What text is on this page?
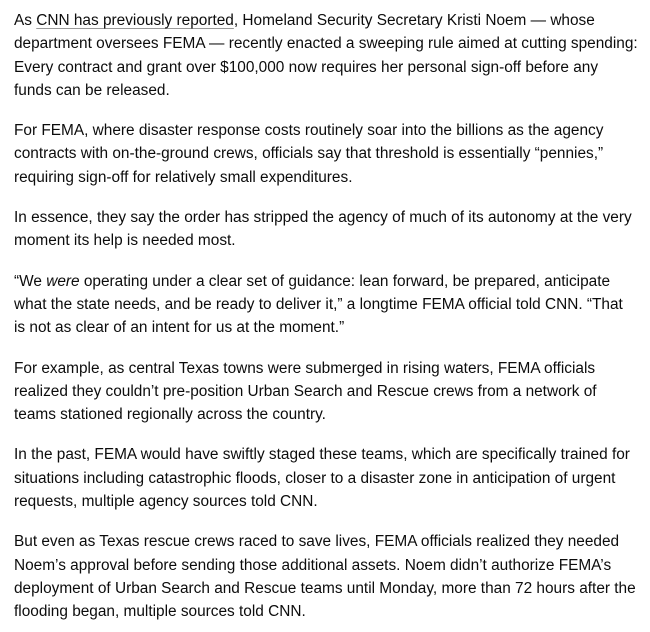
As CNN has previously reported, Homeland Security Secretary Kristi Noem — whose department oversees FEMA — recently enacted a sweeping rule aimed at cutting spending: Every contract and grant over $100,000 now requires her personal sign-off before any funds can be released.

For FEMA, where disaster response costs routinely soar into the billions as the agency contracts with on-the-ground crews, officials say that threshold is essentially “pennies,” requiring sign-off for relatively small expenditures.

In essence, they say the order has stripped the agency of much of its autonomy at the very moment its help is needed most.

“We were operating under a clear set of guidance: lean forward, be prepared, anticipate what the state needs, and be ready to deliver it,” a longtime FEMA official told CNN. “That is not as clear of an intent for us at the moment.”

For example, as central Texas towns were submerged in rising waters, FEMA officials realized they couldn’t pre-position Urban Search and Rescue crews from a network of teams stationed regionally across the country.

In the past, FEMA would have swiftly staged these teams, which are specifically trained for situations including catastrophic floods, closer to a disaster zone in anticipation of urgent requests, multiple agency sources told CNN.

But even as Texas rescue crews raced to save lives, FEMA officials realized they needed Noem’s approval before sending those additional assets. Noem didn’t authorize FEMA’s deployment of Urban Search and Rescue teams until Monday, more than 72 hours after the flooding began, multiple sources told CNN.
